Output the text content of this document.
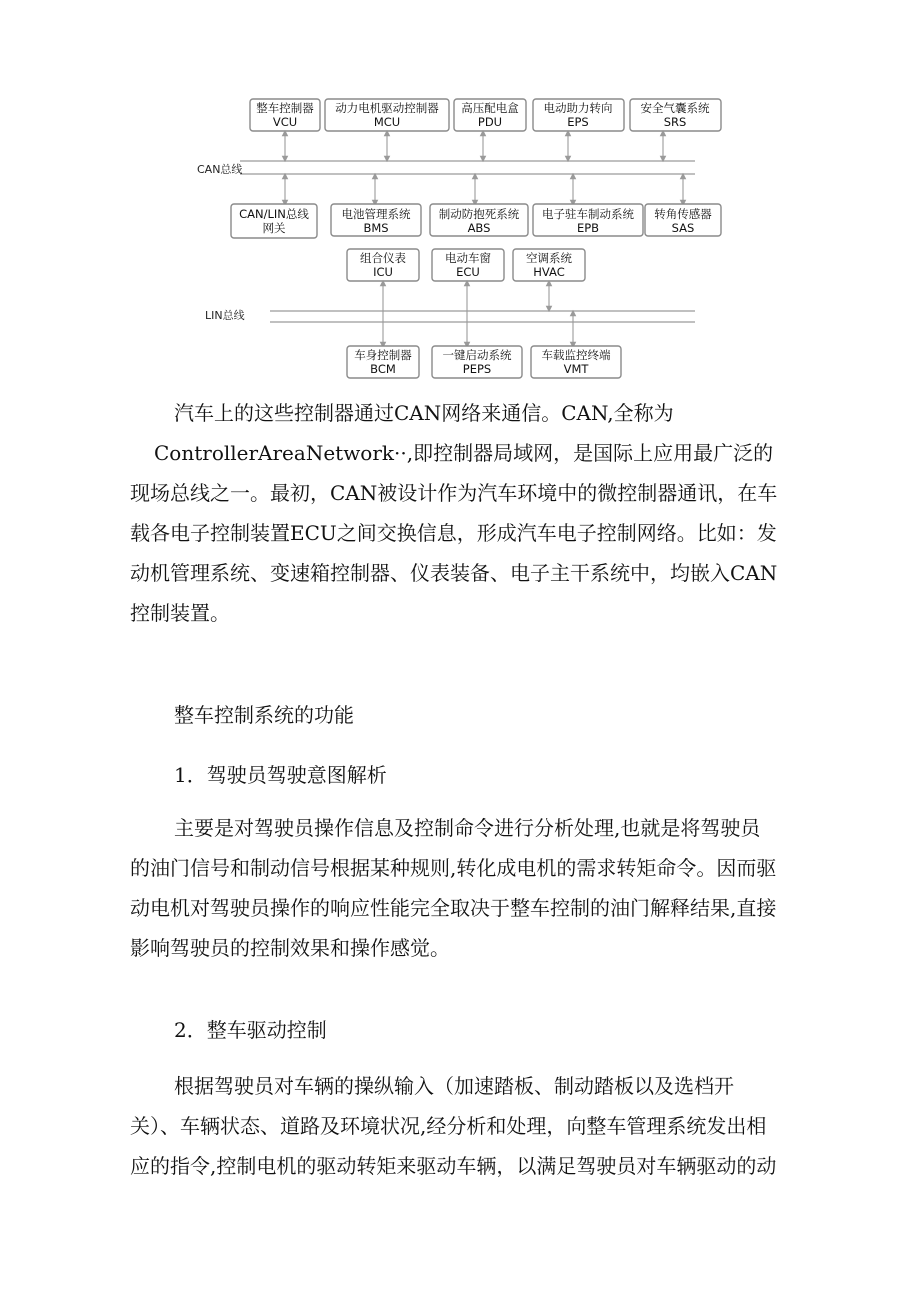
CAN总线
LIN总线
整车控制器
VCU
动力电机驱动控制器
MCU
高压配电盒
PDU
电动助力转向
EPS
安全气囊系统
SRS
CAN/LIN总线
网关
电池管理系统
BMS
制动防抱死系统
ABS
电子驻车制动系统
EPB
转角传感器
SAS
组合仪表
ICU
电动车窗
ECU
空调系统
HVAC
车身控制器
BCM
一键启动系统
PEPS
车载监控终端
VMT

汽车上的这些控制器通过CAN网络来通信。CAN,全称为

ControllerAreaNetwork··,即控制器局域网，是国际上应用最广泛的

现场总线之一。最初，CAN被设计作为汽车环境中的微控制器通讯，在车

载各电子控制装置ECU之间交换信息，形成汽车电子控制网络。比如：发

动机管理系统、变速箱控制器、仪表装备、电子主干系统中，均嵌入CAN

控制装置。

整车控制系统的功能

1．驾驶员驾驶意图解析

主要是对驾驶员操作信息及控制命令进行分析处理,也就是将驾驶员

的油门信号和制动信号根据某种规则,转化成电机的需求转矩命令。因而驱

动电机对驾驶员操作的响应性能完全取决于整车控制的油门解释结果,直接

影响驾驶员的控制效果和操作感觉。

2．整车驱动控制

根据驾驶员对车辆的操纵输入（加速踏板、制动踏板以及选档开

关）、车辆状态、道路及环境状况,经分析和处理，向整车管理系统发出相

应的指令,控制电机的驱动转矩来驱动车辆，以满足驾驶员对车辆驱动的动
